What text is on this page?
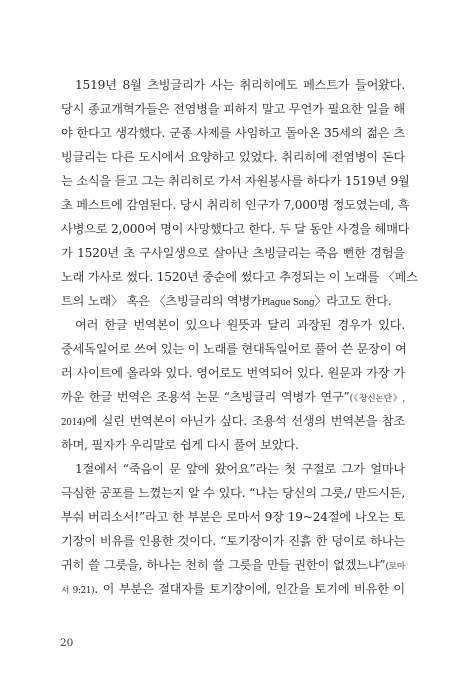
1519년 8월 츠빙글리가 사는 취리히에도 페스트가 들어왔다.
당시 종교개혁가들은 전염병을 피하지 말고 무언가 필요한 일을 해
야 한다고 생각했다. 군종 사제를 사임하고 돌아온 35세의 젊은 츠
빙글리는 다른 도시에서 요양하고 있었다. 취리히에 전염병이 돈다
는 소식을 듣고 그는 취리히로 가서 자원봉사를 하다가 1519년 9월
초 페스트에 감염된다. 당시 취리히 인구가 7,000명 정도였는데, 흑
사병으로 2,000여 명이 사망했다고 한다. 두 달 동안 사경을 헤매다
가 1520년 초 구사일생으로 살아난 츠빙글리는 죽음 뻔한 경험을
노래 가사로 썼다. 1520년 중순에 썼다고 추정되는 이 노래를 〈페스
트의 노래〉 혹은 〈츠빙글리의 역병가Plague Song〉라고도 한다.
여러 한글 번역본이 있으나 원뜻과 달리 과장된 경우가 있다.
중세독일어로 쓰여 있는 이 노래를 현대독일어로 풀어 쓴 문장이 여
러 사이트에 올라와 있다. 영어로도 번역되어 있다. 원문과 가장 가
까운 한글 번역은 조용석 논문 “츠빙글리 역병가 연구”(《장신논단》,
2014)에 실린 번역본이 아닌가 싶다. 조용석 선생의 번역본을 참조
하며, 필자가 우리말로 쉽게 다시 풀어 보았다.
1절에서 “죽음이 문 앞에 왔어요”라는 첫 구절로 그가 얼마나
극심한 공포를 느꼈는지 알 수 있다. “나는 당신의 그릇,/ 만드시든,
부숴 버리소서!”라고 한 부분은 로마서 9장 19~24절에 나오는 토
기장이 비유를 인용한 것이다. “토기장이가 진흙 한 덩이로 하나는
귀히 쓸 그릇을, 하나는 천히 쓸 그릇을 만들 권한이 없겠느냐”(로마
서 9:21). 이 부분은 절대자를 토기장이에, 인간을 토기에 비유한 이
20
